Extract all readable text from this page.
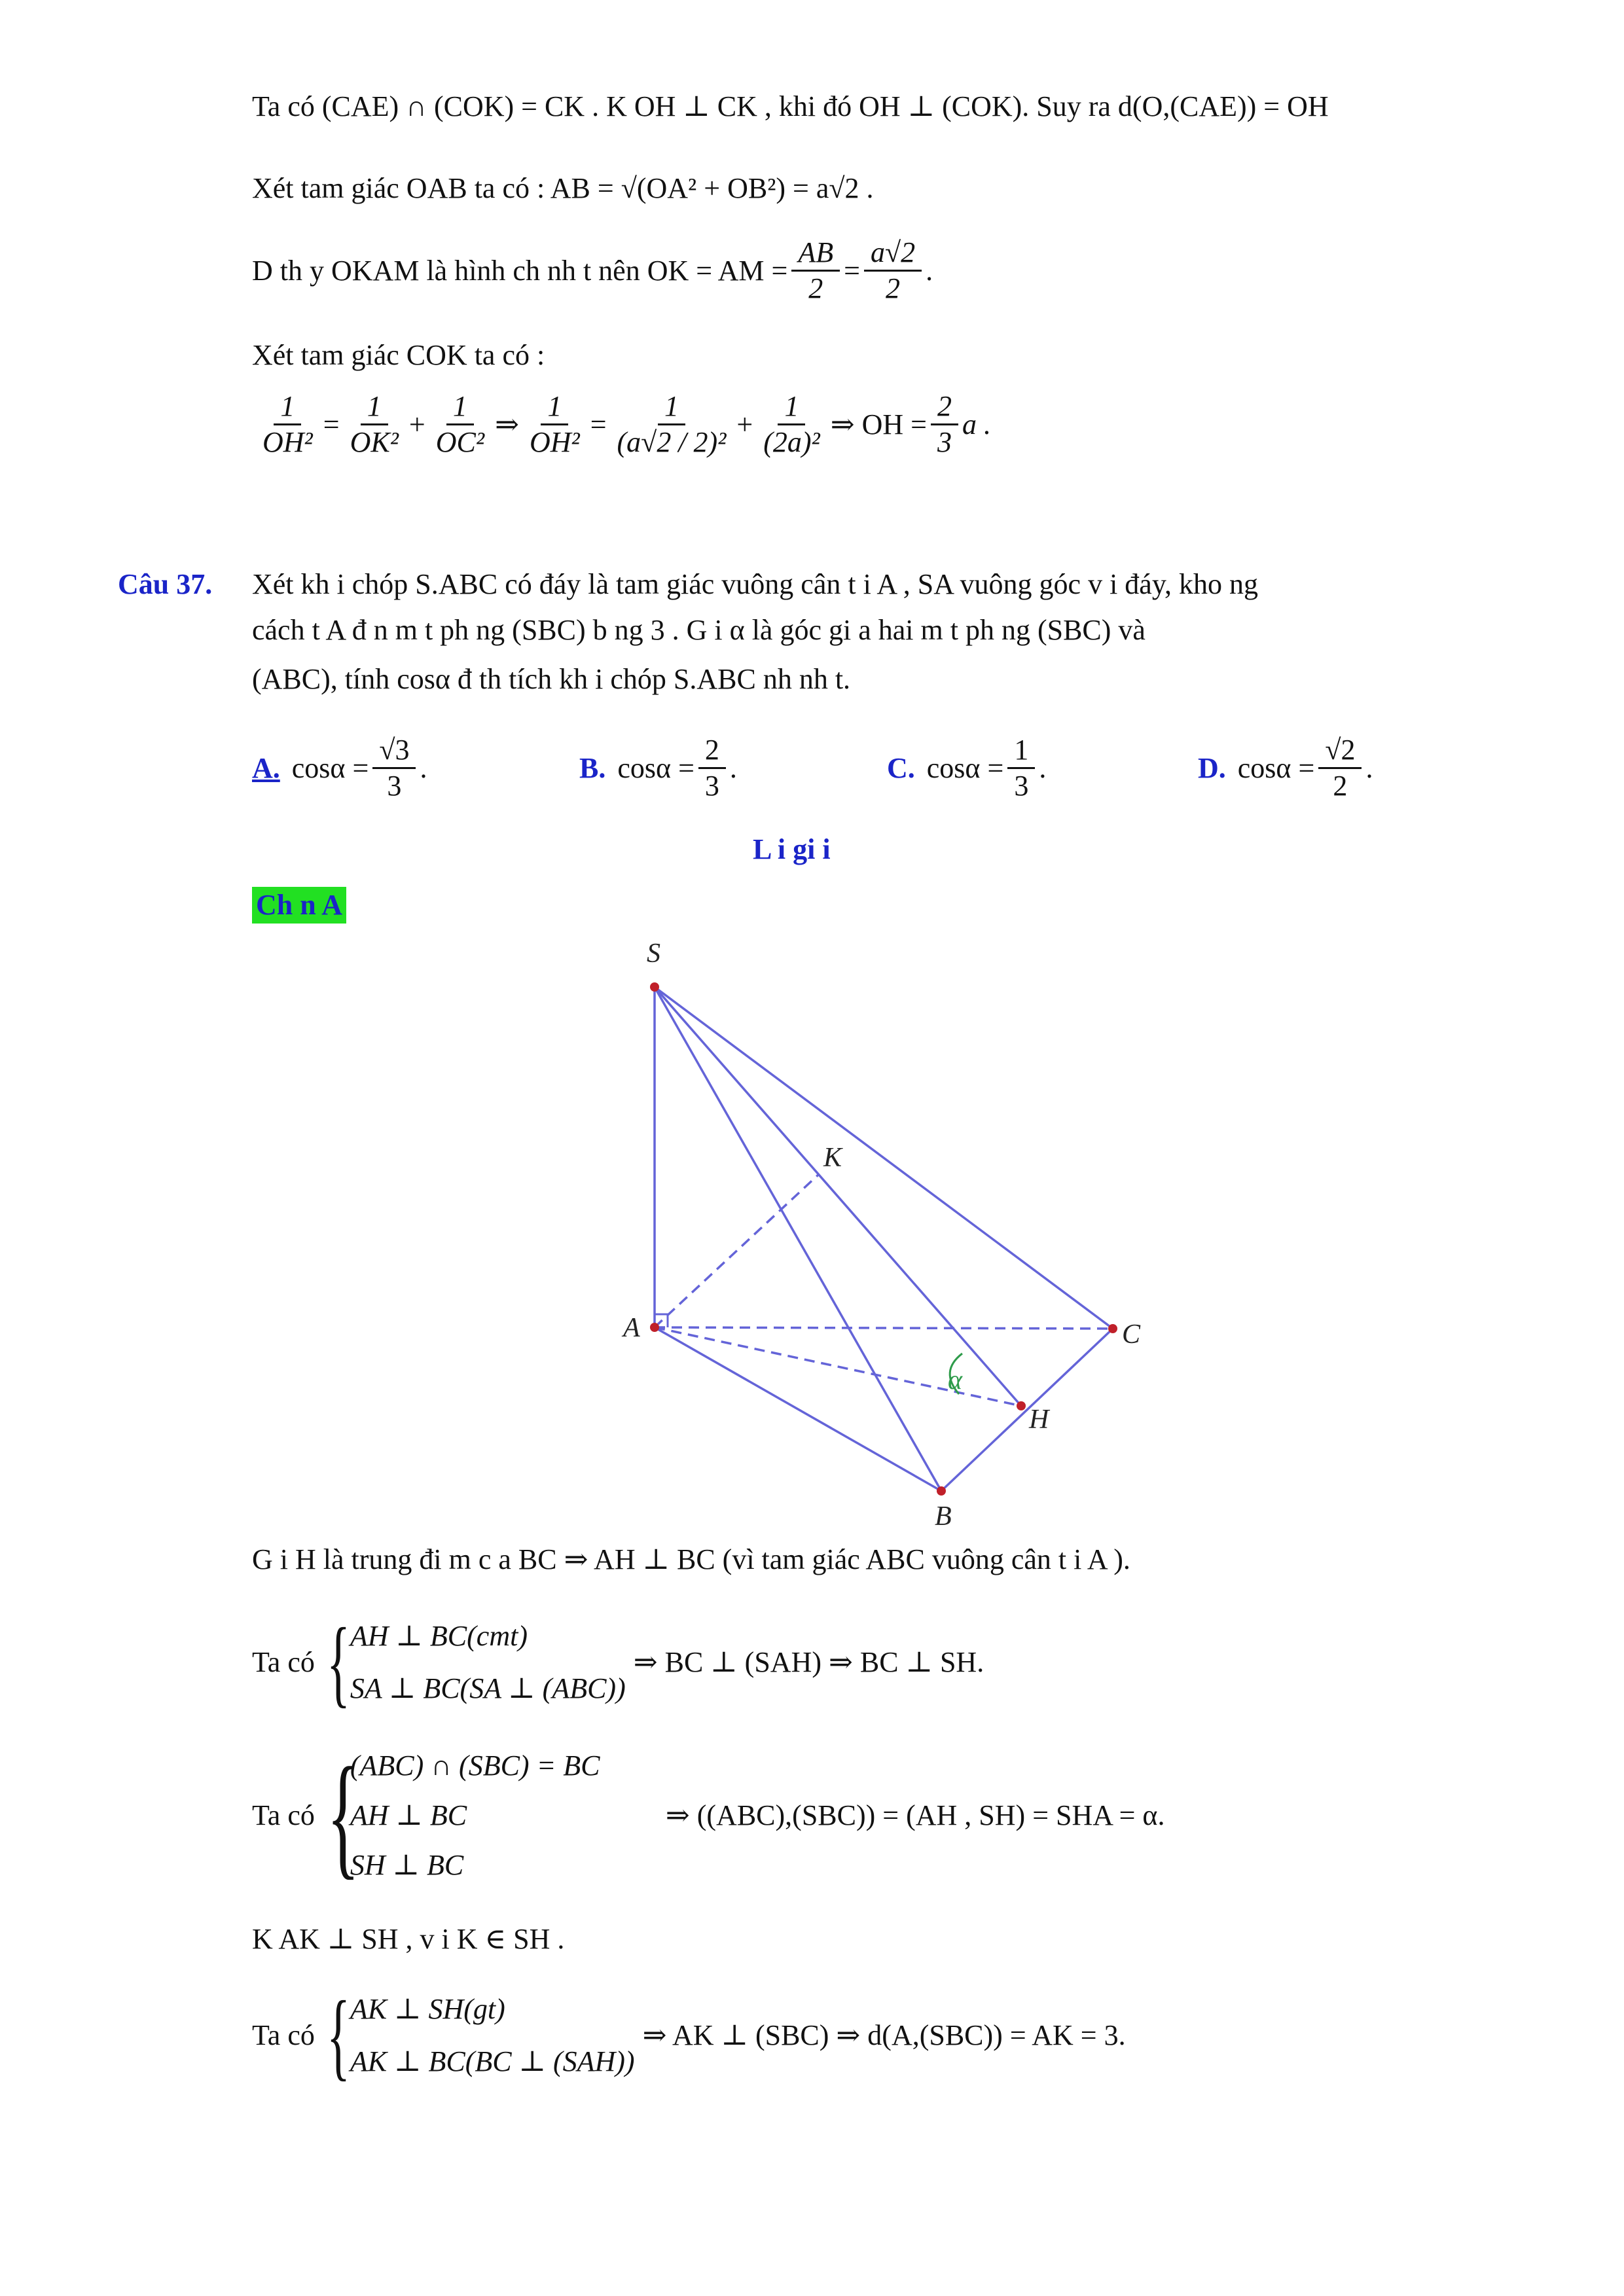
Ta có (CAE) ∩ (COK) = CK . K OH ⊥ CK , khi đó OH ⊥ (COK). Suy ra d(O,(CAE)) = OH
Xét tam giác OAB ta có : AB = √(OA² + OB²) = a√2 .
D th y OKAM là hình ch nh t nên OK = AM = $\frac{AB}{2} = \frac{a√2}{2}$ .
Xét tam giác COK ta có :
$\frac{1}{\text{OH²}} = \frac{1}{\text{OK²}} + \frac{1}{\text{OC²}}$ ⇒ $\frac{1}{\text{OH²}} = \frac{1}{\text{(a√2 / 2)²}} + \frac{1}{\text{(2a)²}}$ ⇒ OH = $\frac{2}{3}$ a .
Câu 37. Xét kh i chóp S.ABC có đáy là tam giác vuông cân t i A , SA vuông góc v i đáy, kho ng
cách t A đ n m t ph ng (SBC) b ng 3 . G i α là góc gi a hai m t ph ng (SBC) và
(ABC), tính cosα đ th tích kh i chóp S.ABC nh nh t.
A. $\cos\alpha = \frac{√3}{3}$ .	B. $\cos\alpha = \frac{2}{3}$ .	C. $\cos\alpha = \frac{1}{3}$ .	D. $\cos\alpha = \frac{√2}{2}$ .
L i gi i
Ch n A
S
K
A	C
α
H
B
G i H là trung đi m c a BC ⇒ AH ⊥ BC (vì tam giác ABC vuông cân t i A ).
Ta có { AH ⊥ BC(cmt)
SA ⊥ BC(SA ⊥ (ABC))
⇒ BC ⊥ (SAH) ⇒ BC ⊥ SH.
Ta có {
(ABC) ∩ (SBC) = BC
AH ⊥ BC
SH ⊥ BC
⇒ ((ABC),(SBC)) = (AH , SH) = SHA = α.
K AK ⊥ SH , v i K ∈ SH .
Ta có { AK ⊥ SH(gt)
AK ⊥ BC(BC ⊥ (SAH))
⇒ AK ⊥ (SBC) ⇒ d(A,(SBC)) = AK = 3.
